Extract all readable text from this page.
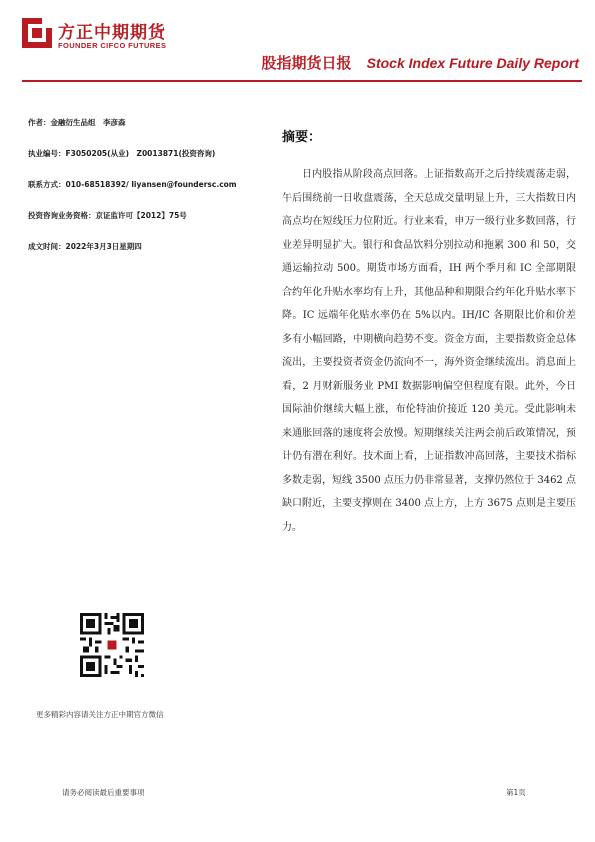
方正中期期货
FOUNDER CIFCO FUTURES
股指期货日报 Stock Index Future Daily Report
作者：金融衍生品组　李彦森
执业编号：F3050205(从业)　Z0013871(投资咨询)
联系方式：010-68518392/ liyansen@foundersc.com
投资咨询业务资格：京证监许可【2012】75号
成文时间：2022年3月3日星期四
摘要：
日内股指从阶段高点回落。上证指数高开之后持续震荡走弱，午后围绕前一日收盘震荡，全天总成交量明显上升，三大指数日内高点均在短线压力位附近。行业来看，申万一级行业多数回落，行业差异明显扩大。银行和食品饮料分别拉动和拖累 300 和 50，交通运输拉动 500。期货市场方面看，IH 两个季月和 IC 全部期限合约年化升贴水率均有上升，其他品种和期限合约年化升贴水率下降。IC 远端年化贴水率仍在 5%以内。IH/IC 各期限比价和价差多有小幅回路，中期横向趋势不变。资金方面，主要指数资金总体流出，主要投资者资金仍流向不一，海外资金继续流出。消息面上看，2 月财新服务业 PMI 数据影响偏空但程度有限。此外，今日国际油价继续大幅上涨，布伦特油价接近 120 美元。受此影响未来通胀回落的速度将会放慢。短期继续关注两会前后政策情况，预计仍有潜在利好。技术面上看，上证指数冲高回落，主要技术指标多数走弱，短线 3500 点压力仍非常显著，支撑仍然位于 3462 点缺口附近，主要支撑则在 3400 点上方，上方 3675 点则是主要压力。
更多精彩内容请关注方正中期官方微信
请务必阅读最后重要事项	第1页
